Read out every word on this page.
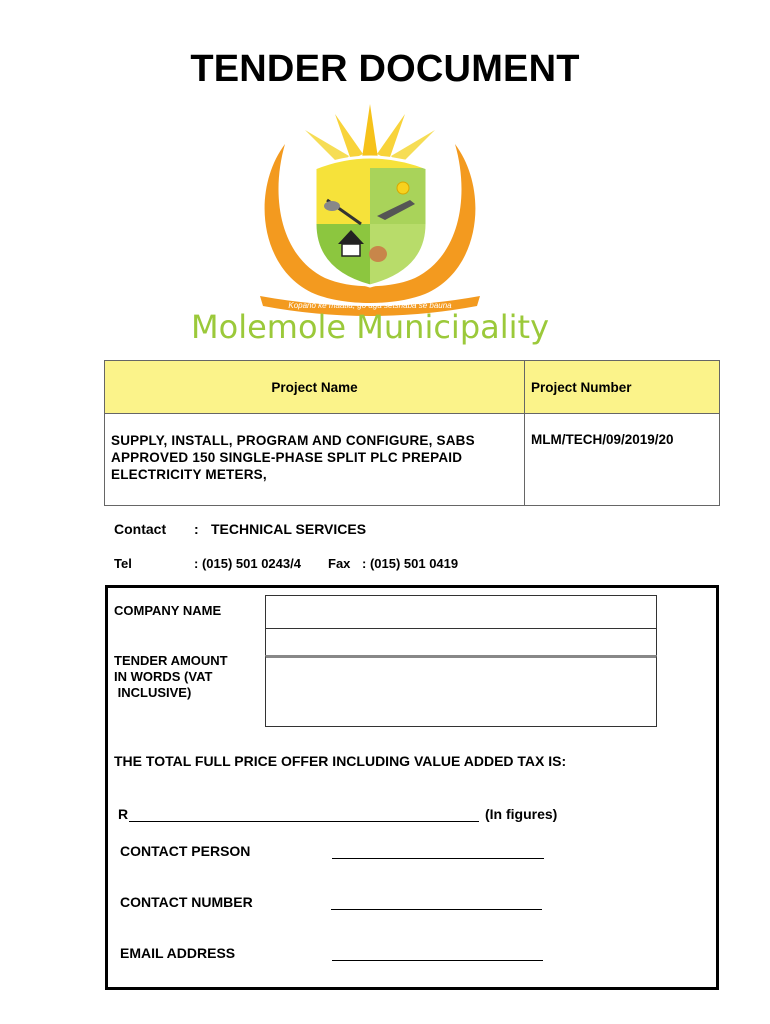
TENDER DOCUMENT
Kopano ke maatla, go aga setshaba se bauna
Molemole Municipality
Project Name	Project Number

SUPPLY, INSTALL, PROGRAM AND CONFIGURE, SABS
APPROVED 150 SINGLE-PHASE SPLIT PLC PREPAID
ELECTRICITY METERS,	MLM/TECH/09/2019/20
Contact : TECHNICAL SERVICES
Tel	: (015) 501 0243/4 Fax : (015) 501 0419
COMPANY NAME
TENDER AMOUNT
IN WORDS (VAT
INCLUSIVE)
THE TOTAL FULL PRICE OFFER INCLUDING VALUE ADDED TAX IS:
R	(In figures)
CONTACT PERSON
CONTACT NUMBER
EMAIL ADDRESS
